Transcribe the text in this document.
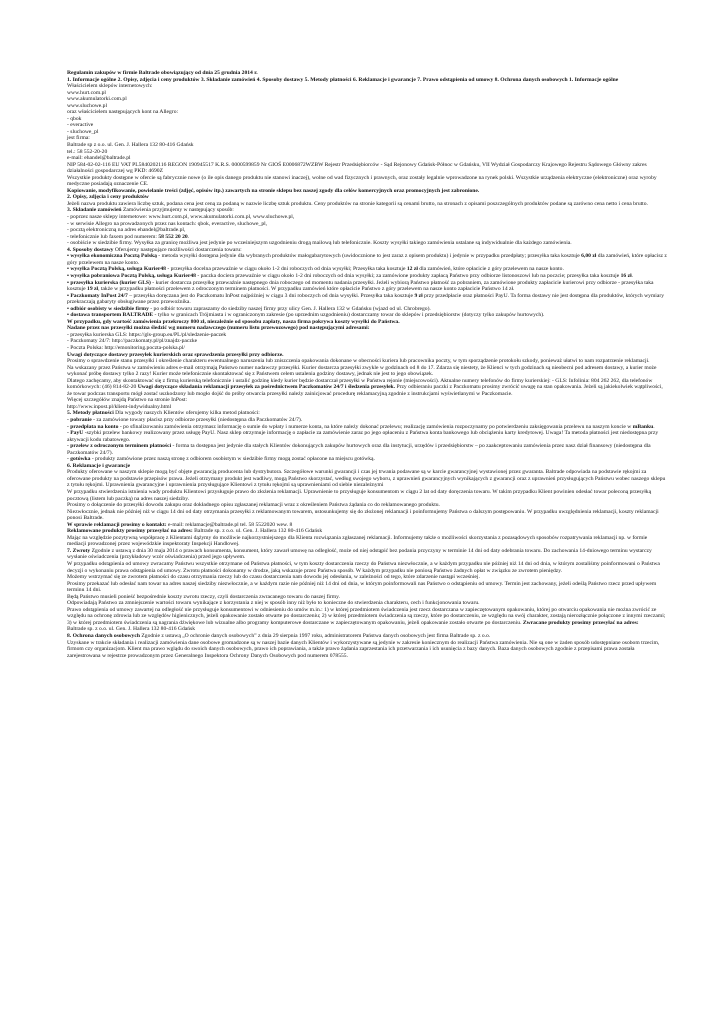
Regulamin zakupów w firmie Baltrade obowiązujący od dnia 25 grudnia 2014 r.

1. Informacje ogólne 2. Opisy, zdjęcia i ceny produktów 3. Składanie zamówień 4. Sposoby dostawy 5. Metody płatności 6. Reklamacje i gwarancje 7. Prawo odstąpienia od umowy 8. Ochrona danych osobowych 1. Informacje ogólne

Właścicielem sklepów internetowych:

www.hurt.com.pl

www.akumulatorki.com.pl

www.sluchowe.pl

oraz właścicielem następujących kont na Allegro:

- qbok

- everactive

- sluchowe_pl

jest firma:

Baltrade sp z o.o. ul. Gen. J. Hallera 132 80-416 Gdańsk

tel.: 58 552-20-20

e-mail: ehandel@baltrade.pl

NIP 584-02-02-116 EU VAT PL5840202116 REGON 190945517 K.R.S. 0000599859 Nr GIOŚ E0006872WZBW Rejestr Przedsiębiorców - Sąd Rejonowy Gdańsk-Północ w Gdańsku, VII Wydział Gospodarczy Krajowego Rejestru Sądowego Główny zakres działalności gospodarczej wg PKD: 4690Z

Wszystkie produkty dostępne w ofercie są fabrycznie nowe (o ile opis danego produktu nie stanowi inaczej), wolne od wad fizycznych i prawnych, oraz zostały legalnie wprowadzone na rynek polski. Wszystkie urządzenia elektryczne (elektroniczne) oraz wyroby medyczne posiadają oznaczenie CE.

Kopiowanie, modyfikowanie, powielanie treści (zdjęć, opisów itp.) zawartych na stronie sklepu bez naszej zgody dla celów komercyjnych oraz promocyjnych jest zabronione.

2. Opisy, zdjęcia i ceny produktów

Jeżeli nazwa produktu zawiera liczbę sztuk, podana cena jest ceną za podaną w nazwie liczbę sztuk produktu. Ceny produktów na stronie kategorii są cenami brutto, na stronach z opisami poszczególnych produktów podane są zarówno cena netto i cena brutto.

3. Składanie zamówień Zamówienia przyjmujemy w następujący sposób:

- poprzez nasze sklepy internetowe: www.hurt.com.pl, www.akumulatorki.com.pl, www.sluchowe.pl,

- w serwisie Allegro na prowadzonych przez nas kontach: qbok, everactive, sluchowe_pl,

- pocztą elektroniczną na adres ehandel@baltrade.pl,

- telefonicznie lub faxem pod numerem: 58 552 20 20.

- osobiście w siedzibie firmy. Wysyłka za granicę możliwa jest jedynie po wcześniejszym uzgodnieniu drogą mailową lub telefonicznie. Koszty wysyłki takiego zamówienia ustalane są indywidualnie dla każdego zamówienia.

4. Sposoby dostawy Oferujemy następujące możliwości dostarczenia towaru:

• wysyłka ekonomiczna Pocztą Polską - metoda wysyłki dostępna jedynie dla wybranych produktów małogabarytowych (uwidocznione to jest zaraz z opisem produktu) i jedynie w przypadku przedpłaty; przesyłka taka kosztuje 6,00 zł dla zamówień, które opłacisz z góry przelewem na nasze konto.

• wysyłka Pocztą Polską, usługa Kurier48 - przesyłka docelna przewaźnie w ciągu około 1-2 dni roboczych od dnia wysyłki; Przesyłka taka kosztuje 12 zł dla zamówień, które opłacicie z góry przelewem na nasze konto.

• wysyłka pobraniowa Pocztą Polską, usługa Kurier48 - paczka dociera przewaźnie w ciągu około 1-2 dni roboczych od dnia wysyłki; za zamówione produkty zapłacą Państwo przy odbiorze listonoszowi lub na poczcie; przesyłka taka kosztuje 16 zł.

• przesyłka kurierska (kurier GLS) - kurier dostarcza przesyłkę przewaźnie następnego dnia roboczego od momentu nadania przesyłki. Jeżeli wybiorą Państwo płatność za pobraniem, za zamówione produkty zapłacicie kurierowi przy odbiorze - przesyłka taka kosztuje 19 zł, także w przypadku płatności przelewem z odroczonym terminem płatności. W przypadku zamówień które opłacicie Państwo z góry przelewem na nasze konto zapłacicie Państwo 14 zł.

• Paczkomaty InPost 24/7 – przesyłka doręczana jest do Paczkomatu InPost najpóźniej w ciągu 3 dni roboczych od dnia wysyłki. Przesyłka taka kosztuje 9 zł przy przedpłacie oraz płatności PayU. Ta forma dostawy nie jest dostępna dla produktów, których wymiary przekraczają gabaryty obsługiwane przez przewoźnika.

• odbiór osobisty w siedzibie firmy - po odbiór towaru zapraszamy do siedziby naszej firmy przy ulicy Gen. J. Hallera 132 w Gdańsku (wjazd od ul. Chrobrego).

• dostawa transportem BALTRADE - tylko w granicach Trójmiasta i w ograniczonym zakresie (po uprzednim uzgodnieniu) dostarczamy towar do sklepów i przedsiębiorstw (dotyczy tylko zakupów hurtowych).

W przypadku, gdy wartość zamówienia przekroczy 800 zł, niezależnie od sposobu zapłaty, nasza firma pokrywa koszty wysyłki do Państwa.

Nadane przez nas przesyłki można śledzić wg numeru nadawczego (numeru listu przewozowego) pod następującymi adresami:

- przesyłka kurierska GLS: https://gls-group.eu/PL/pl/sledzenie-paczek

- Paczkomaty 24/7: http://paczkomaty.pl/pl/znajdz-paczke

- Poczta Polska: http://emonitoring.poczta-polska.pl/

Uwagi dotyczące dostawy przesyłek kurierskich oraz sprawdzenia przesyłki przy odbiorze.

Prosimy o sprawdzenie stanu przesyłki i określenie charakteru ewentualnego naruszenia lub zniszczenia opakowania dokonane w obecności kuriera lub pracownika poczty, w tym sporządzenie protokołu szkody, ponieważ ułatwi to nam rozpatrzenie reklamacji.

Na wskazany przez Państwa w zamówieniu adres e-mail otrzymają Państwo numer nadawczy przesyłki. Kurier dostarcza przesyłki zwykle w godzinach od 8 do 17. Zdarza się niestety, że Klienci w tych godzinach są nieobecni pod adresem dostawy, a kurier może wykonać próbę dostawy tylko 2 razy! Kurier może telefonicznie skontaktować się z Państwem celem ustalenia godziny dostawy, jednak nie jest to jego obowiązek.

Dlatego zachęcamy, aby skontaktować się z firmą kurierską telefonicznie i ustalić godzinę kiedy kurier będzie dostarczał przesyłki w Państwa rejonie (miejscowości). Aktualne numery telefonów do firmy kurierskiej: - GLS: Infolinia: 804 262 262, dla telefonów komórkowych: (46) 814-82-20 Uwagi dotyczące składania reklamacji przesyłek za pośrednictwem Paczkomatów 24/7 i śledzenia przesyłek. Przy odbieraniu paczki z Paczkomatu prosimy zwrócić uwagę na stan opakowania. Jeżeli są jakiekolwiek wątpliwości, że towar podczas transportu mógł zostać uszkodzony lub mogło dojść do próby otwarcia przesyłki należy zainicjować procedurę reklamacyjną zgodnie z instrukcjami wyświetlanymi w Paczkomacie.

Więcej szczegółów znajdą Państwo na stronie InPost:

http://www.inpost.pl/klient-indywidualny.html

5. Metody płatności Dla wygody naszych Klientów oferujemy kilka metod płatności:

- pobranie - za zamówione towary płacisz przy odbiorze przesyłki (niedostępna dla Paczkomatów 24/7).

- przedpłata na konto - po sfinalizowaniu zamówienia otrzymasz informację o sumie do wpłaty i numerze konta, na które należy dokonać przelewu; realizację zamówienia rozpoczynamy po potwierdzeniu zaksięgowania przelewu na naszym koncie w mBanku.

- PayU -szybki przelew bankowy realizowany przez usługę PayU. Nasz sklep otrzymuje informację o zapłacie za zamówienie zaraz po jego opłaceniu z Państwa konta bankowego lub obciążeniu karty kredytowej. Uwaga! Ta metoda płatności jest niedostępna przy aktywacji kodu rabatowego.

- przelew z odroczonym terminem płatności - forma ta dostępna jest jedynie dla stałych Klientów dokonujących zakupów hurtowych oraz dla instytucji, urzędów i przedsiębiorstw – po zaakceptowaniu zamówienia przez nasz dział finansowy (niedostępna dla Paczkomatów 24/7).

- gotówka - produkty zamówione przez naszą stronę z odbiorem osobistym w siedzibie firmy mogą zostać opłacone na miejscu gotówką.

6. Reklamacje i gwarancje

Produkty oferowane w naszym sklepie mogą być objęte gwarancją producenta lub dystrybutora. Szczegółowe warunki gwarancji i czas jej trwania podawane są w karcie gwarancyjnej wystawionej przez gwaranta. Baltrade odpowiada na podstawie rękojmi za oferowane produkty na podstawie przepisów prawa. Jeżeli otrzymany produkt jest wadliwy, mogą Państwo skorzystać, według swojego wyboru, z uprawnień gwarancyjnych wynikających z gwarancji oraz z uprawnień przysługujących Państwu wobec naszego sklepu z tytułu rękojmi. Uprawnienia gwarancyjne i uprawnienia przysługujące Klientowi z tytułu rękojmi są uprawnieniami od siebie niezależnymi

W przypadku stwierdzenia istnienia wady produktu Klientowi przysługuje prawo do złożenia reklamacji. Uprawnienie to przysługuje konsumentom w ciągu 2 lat od daty doręczenia towaru. W takim przypadku Klient powinien odesłać towar poleconą przesyłką pocztową (listem lub paczką) na adres naszej siedziby.

Prosimy o dołączenie do przesyłki dowodu zakupu oraz dokładnego opisu zgłaszanej reklamacji wraz z określeniem Państwa żądania co do reklamowanego produktu.

Niezwłocznie, jednak nie później niż w ciągu 14 dni od daty otrzymania przesyłki z reklamowanym towarem, ustosunkujemy się do złożonej reklamacji i poinformujemy Państwa o dalszym postępowaniu. W przypadku uwzględnienia reklamacji, koszty reklamacji ponosi Baltrade.

W sprawie reklamacji prosimy o kontakt: e-mail: reklamacje@baltrade.pl tel. 58 5522020 wew. 8

Reklamowane produkty prosimy przesyłać na adres: Baltrade sp. z o.o. ul. Gen. J. Hallera 132 80-416 Gdańsk

Mając na względzie pozytywną współpracę z Klientami dążymy do możliwie najkorzystniejszego dla Klienta rozwiązania zgłaszanej reklamacji. Informujemy także o możliwości skorzystania z pozasądowych sposobów rozpatrywania reklamacji np. w formie mediacji prowadzonej przez wojewódzkie inspektoraty Inspekcji Handlowej.

7. Zwroty Zgodnie z ustawą z dnia 30 maja 2014 o prawach konsumenta, konsument, który zawarł umowę na odległość, może od niej odstąpić bez podania przyczyny w terminie 14 dni od daty odebrania towaru. Do zachowania 14-dniowego terminu wystarczy wysłanie oświadczenia (przykładowy wzór oświadczenia) przed jego upływem.

W przypadku odstąpienia od umowy zwracamy Państwu wszystkie otrzymane od Państwa płatności, w tym koszty dostarczenia rzeczy do Państwa niezwłocznie, a w każdym przypadku nie później niż 14 dni od dnia, w którym zostaliśmy poinformowani o Państwa decyzji o wykonaniu prawa odstąpienia od umowy. Zwrotu płatności dokonamy w drodze, jaką wskazuje przez Państwa sposób. W każdym przypadku nie poniosą Państwo żadnych opłat w związku ze zwrotem pieniędzy.

Możemy wstrzymać się ze zwrotem płatności do czasu otrzymania rzeczy lub do czasu dostarczenia nam dowodu jej odesłania, w zależności od tego, które zdarzenie nastąpi wcześniej.

Prosimy przekazać lub odesłać nam towar na adres naszej siedziby niezwłocznie, a w każdym razie nie później niż 14 dni od dnia, w którym poinformowali nas Państwo o odstąpieniu od umowy. Termin jest zachowany, jeżeli odeślą Państwo rzecz przed upływem terminu 14 dni.

Będą Państwo musieli ponieść bezpośrednie koszty zwrotu rzeczy, czyli dostarczenia zwracanego towaru do naszej firmy.

Odpowiadają Państwo za zmniejszenie wartości towaru wynikające z korzystania z niej w sposób inny niż było to konieczne do stwierdzenia charakteru, cech i funkcjonowania towaru.

Prawo odstąpienia od umowy zawartej na odległość nie przysługuje konsumentowi w odniesieniu do umów m.in.: 1) w której przedmiotem świadczenia jest rzecz dostarczana w zapieczętowanym opakowaniu, której po otwarciu opakowania nie można zwrócić ze względu na ochronę zdrowia lub ze względów higienicznych, jeżeli opakowanie zostało otwarte po dostarczeniu; 2) w której przedmiotem świadczenia są rzeczy, które po dostarczeniu, ze względu na swój charakter, zostają nierozłącznie połączone z innymi rzeczami; 3) w której przedmiotem świadczenia są nagrania dźwiękowe lub wizualne albo programy komputerowe dostarczane w zapieczętowanym opakowaniu, jeżeli opakowanie zostało otwarte po dostarczeniu. Zwracane produkty prosimy przesyłać na adres:

Baltrade sp. z o.o. ul. Gen. J. Hallera 132 80-416 Gdańsk

8. Ochrona danych osobowych Zgodnie z ustawą „O ochronie danych osobowych” z dnia 29 sierpnia 1997 roku, administratorem Państwa danych osobowych jest firma Baltrade sp. z o.o.

Uzyskane w trakcie składania i realizacji zamówienia dane osobowe gromadzone są w naszej bazie danych Klientów i wykorzystywane są jedynie w zakresie koniecznym do realizacji Państwa zamówienia. Nie są one w żaden sposób udostępniane osobom trzecim, firmom czy organizacjom. Klient ma prawo wglądu do swoich danych osobowych, prawo ich poprawiania, a także prawo żądania zaprzestania ich przetwarzania i ich usunięcia z bazy danych. Baza danych osobowych zgodnie z przepisami prawa została zarejestrowana w rejestrze prowadzonym przez Generalnego Inspektora Ochrony Danych Osobowych pod numerem 078555.
